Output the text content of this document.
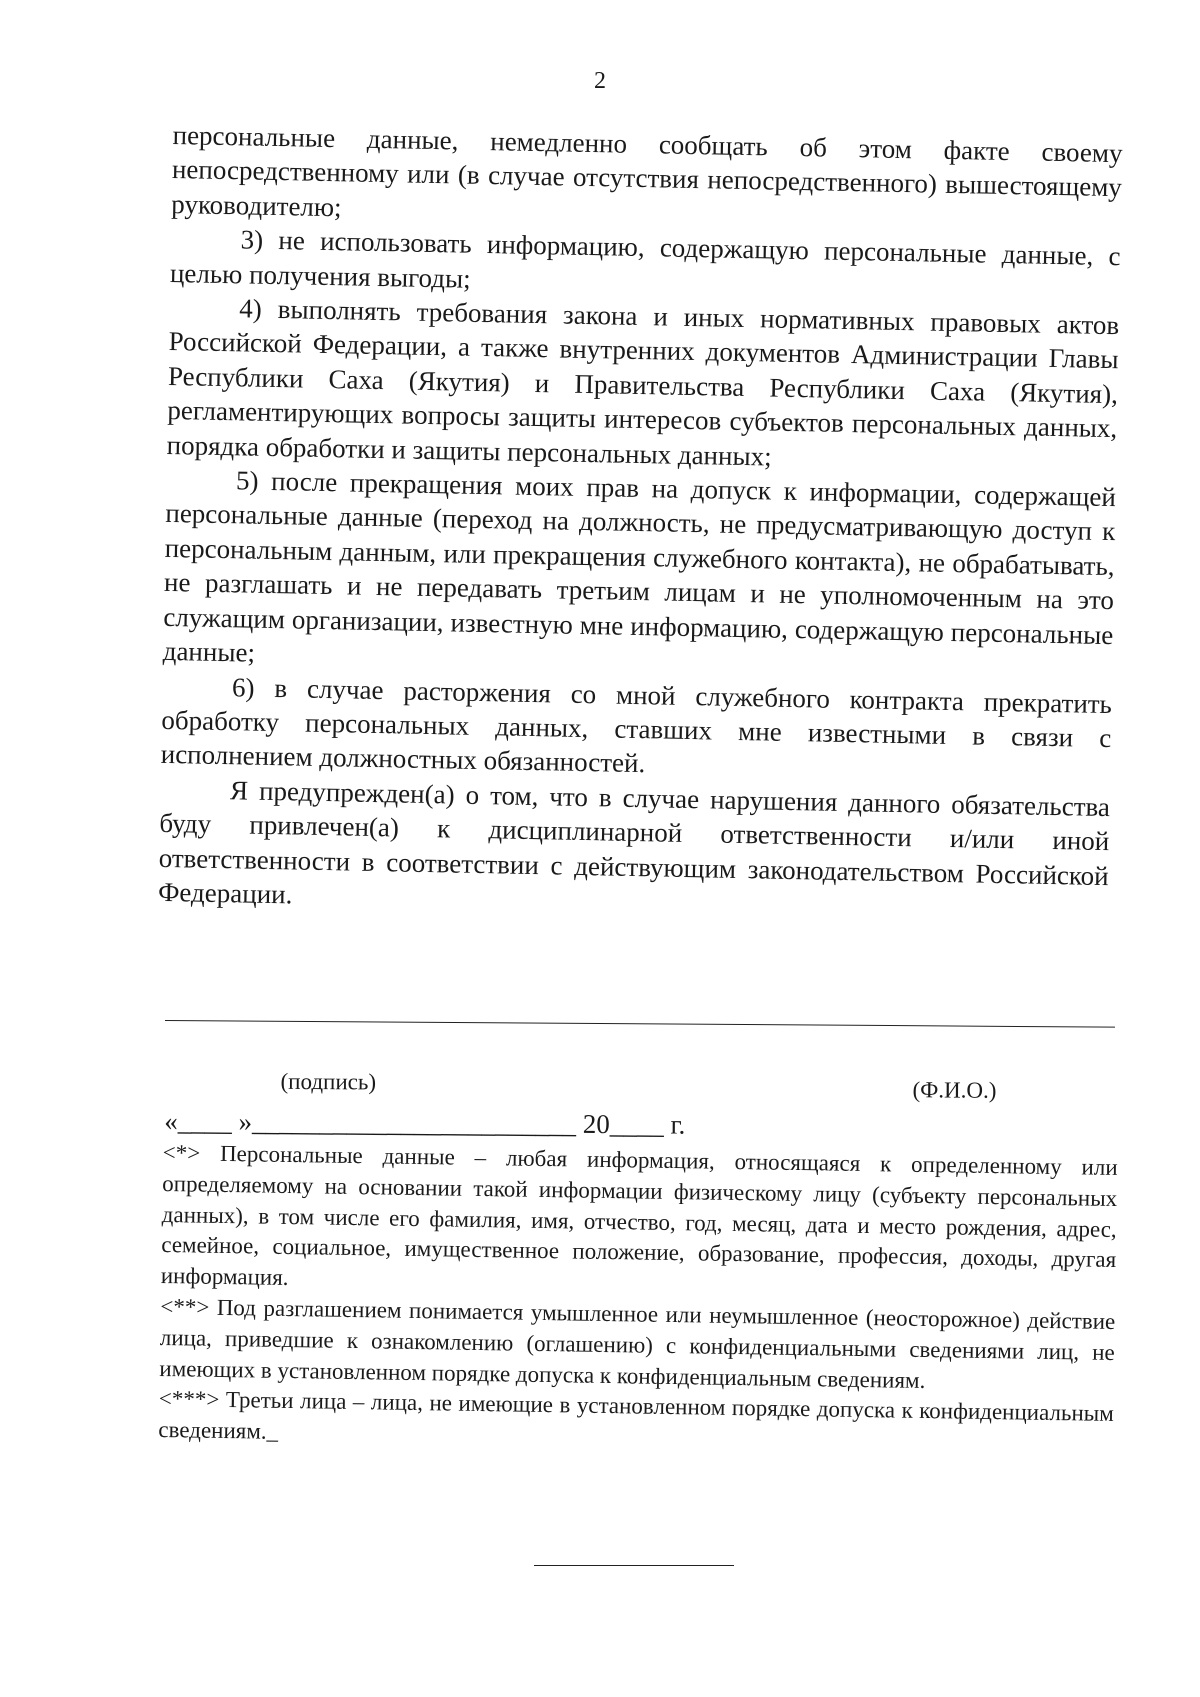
2

персональные данные, немедленно сообщать об этом факте своему непосредственному или (в случае отсутствия непосредственного) вышестоящему руководителю;

3) не использовать информацию, содержащую персональные данные, с целью получения выгоды;

4) выполнять требования закона и иных нормативных правовых актов Российской Федерации, а также внутренних документов Администрации Главы Республики Саха (Якутия) и Правительства Республики Саха (Якутия), регламентирующих вопросы защиты интересов субъектов персональных данных, порядка обработки и защиты персональных данных;

5) после прекращения моих прав на допуск к информации, содержащей персональные данные (переход на должность, не предусматривающую доступ к персональным данным, или прекращения служебного контакта), не обрабатывать, не разглашать и не передавать третьим лицам и не уполномоченным на это служащим организации, известную мне информацию, содержащую персональные данные;

6) в случае расторжения со мной служебного контракта прекратить обработку персональных данных, ставших мне известными в связи с исполнением должностных обязанностей.

Я предупрежден(а) о том, что в случае нарушения данного обязательства буду привлечен(а) к дисциплинарной ответственности и/или иной ответственности в соответствии с действующим законодательством Российской Федерации.

(подпись)	(Ф.И.О.)
«____ »________________________ 20____ г.

<*> Персональные данные – любая информация, относящаяся к определенному или определяемому на основании такой информации физическому лицу (субъекту персональных данных), в том числе его фамилия, имя, отчество, год, месяц, дата и место рождения, адрес, семейное, социальное, имущественное положение, образование, профессия, доходы, другая информация.

<**> Под разглашением понимается умышленное или неумышленное (неосторожное) действие лица, приведшие к ознакомлению (оглашению) с конфиденциальными сведениями лиц, не имеющих в установленном порядке допуска к конфиденциальным сведениям.

<***> Третьи лица – лица, не имеющие в установленном порядке допуска к конфиденциальным сведениям._
